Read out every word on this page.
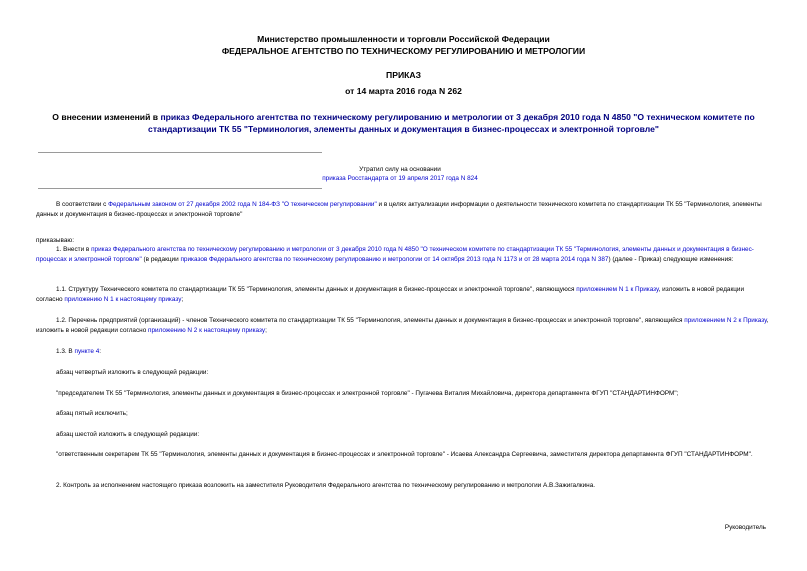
Министерство промышленности и торговли Российской Федерации
ФЕДЕРАЛЬНОЕ АГЕНТСТВО ПО ТЕХНИЧЕСКОМУ РЕГУЛИРОВАНИЮ И МЕТРОЛОГИИ
ПРИКАЗ
от 14 марта 2016 года N 262
О внесении изменений в приказ Федерального агентства по техническому регулированию и метрологии от 3 декабря 2010 года N 4850 "О техническом комитете по
стандартизации ТК 55 "Терминология, элементы данных и документация в бизнес-процессах и электронной торговле"
Утратил силу на основании
приказа Росстандарта от 19 апреля 2017 года N 824
В соответствии с Федеральным законом от 27 декабря 2002 года N 184-ФЗ "О техническом регулировании" и в целях актуализации информации о деятельности технического комитета по стандартизации ТК 55 "Терминология, элементы данных и документация в бизнес-процессах и электронной торговле"
приказываю:
1. Внести в приказ Федерального агентства по техническому регулированию и метрологии от 3 декабря 2010 года N 4850 "О техническом комитете по стандартизации ТК 55 "Терминология, элементы данных и документация в бизнес-процессах и электронной торговле" (в редакции приказов Федерального агентства по техническому регулированию и метрологии от 14 октября 2013 года N 1173 и от 28 марта 2014 года N 387) (далее - Приказ) следующие изменения:
1.1. Структуру Технического комитета по стандартизации ТК 55 "Терминология, элементы данных и документация в бизнес-процессах и электронной торговле", являющуюся приложением N 1 к Приказу, изложить в новой редакции согласно приложению N 1 к настоящему приказу;
1.2. Перечень предприятий (организаций) - членов Технического комитета по стандартизации ТК 55 "Терминология, элементы данных и документация в бизнес-процессах и электронной торговле", являющийся приложением N 2 к Приказу, изложить в новой редакции согласно приложению N 2 к настоящему приказу;
1.3. В пункте 4:
абзац четвертый изложить в следующей редакции:
"председателем ТК 55 "Терминология, элементы данных и документация в бизнес-процессах и электронной торговле" - Пугачева Виталия Михайловича, директора департамента ФГУП "СТАНДАРТИНФОРМ";
абзац пятый исключить;
абзац шестой изложить в следующей редакции:
"ответственным секретарем ТК 55 "Терминология, элементы данных и документация в бизнес-процессах и электронной торговле" - Исаева Александра Сергеевича, заместителя директора департамента ФГУП "СТАНДАРТИНФОРМ".
2. Контроль за исполнением настоящего приказа возложить на заместителя Руководителя Федерального агентства по техническому регулированию и метрологии А.В.Зажигалкина.
Руководитель
